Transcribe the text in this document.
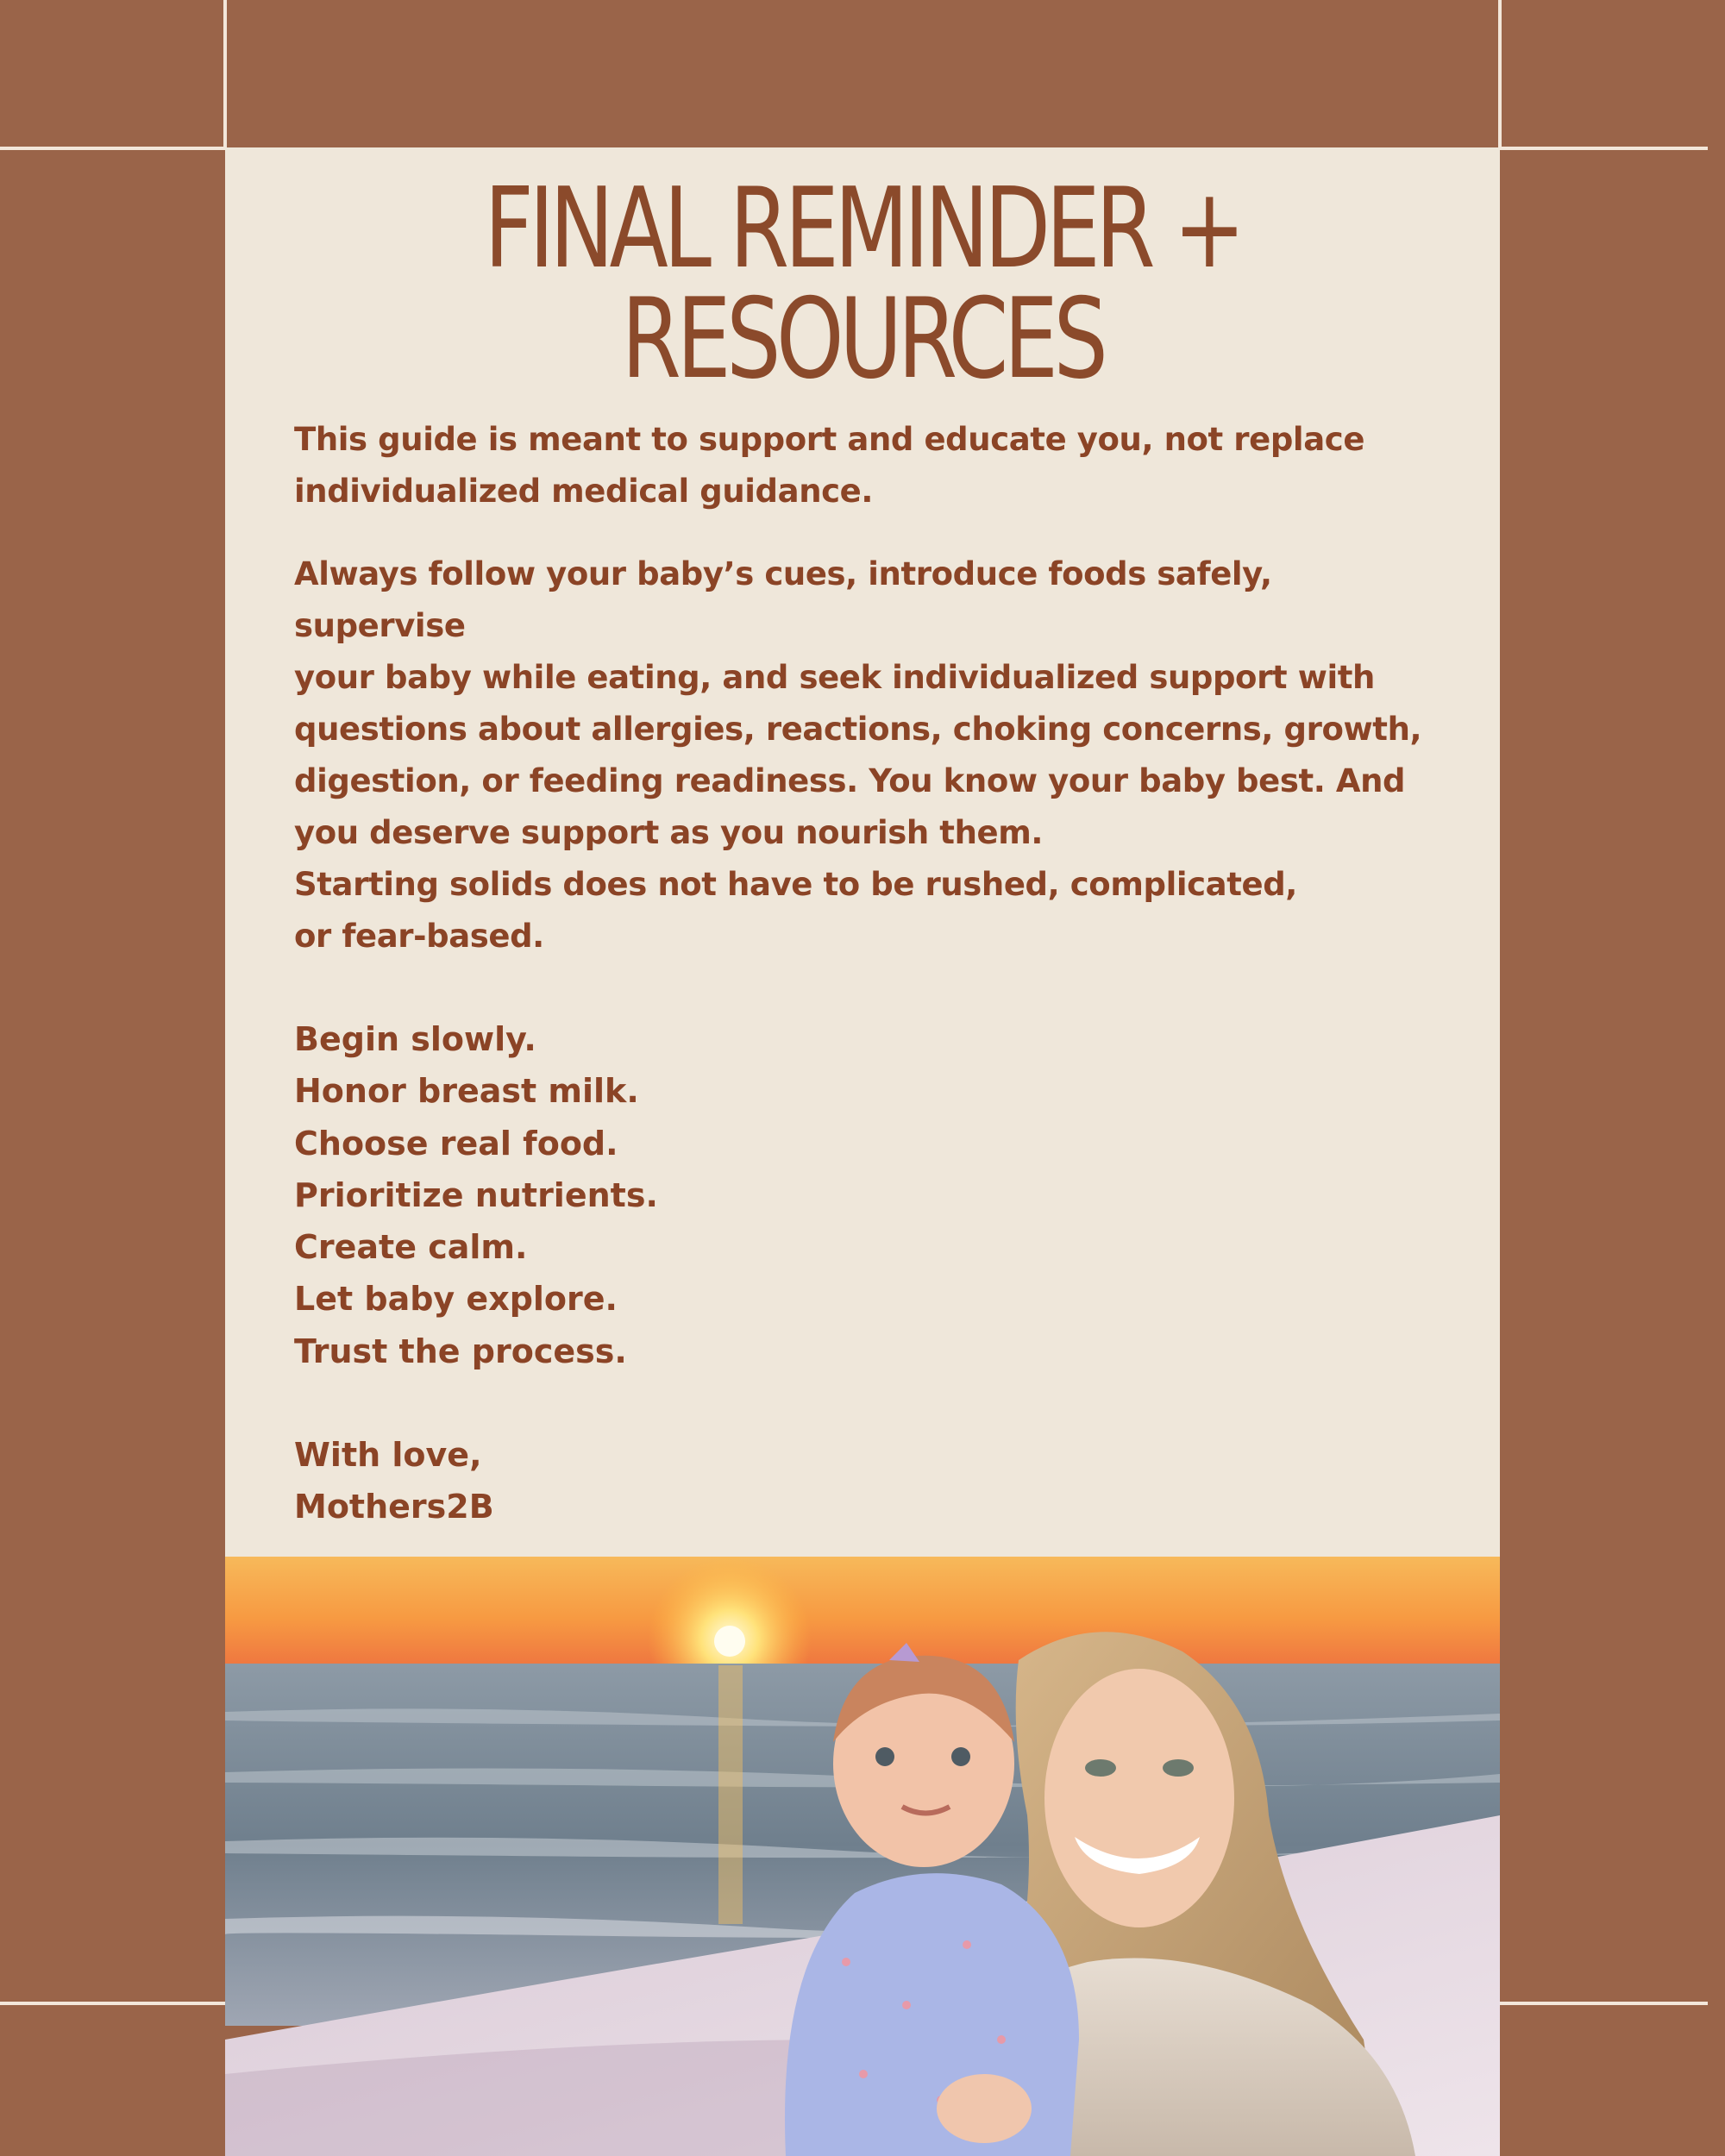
FINAL REMINDER +
RESOURCES

This guide is meant to support and educate you, not replace
individualized medical guidance.

Always follow your baby’s cues, introduce foods safely, supervise
your baby while eating, and seek individualized support with
questions about allergies, reactions, choking concerns, growth,
digestion, or feeding readiness. You know your baby best. And
you deserve support as you nourish them.

Starting solids does not have to be rushed, complicated,
or fear-based.

Begin slowly.
Honor breast milk.
Choose real food.
Prioritize nutrients.
Create calm.
Let baby explore.
Trust the process.
With love,
Mothers2B
